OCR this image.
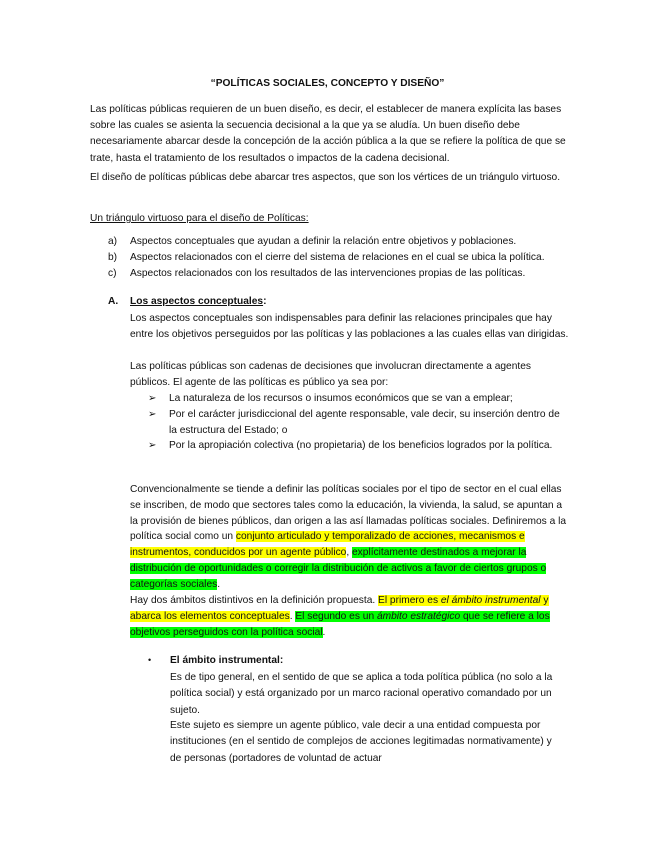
“POLÍTICAS SOCIALES, CONCEPTO Y DISEÑO”

Las políticas públicas requieren de un buen diseño, es decir, el establecer de manera explícita las bases sobre las cuales se asienta la secuencia decisional a la que ya se aludía. Un buen diseño debe necesariamente abarcar desde la concepción de la acción pública a la que se refiere la política de que se trate, hasta el tratamiento de los resultados o impactos de la cadena decisional.

El diseño de políticas públicas debe abarcar tres aspectos, que son los vértices de un triángulo virtuoso.

Un triángulo virtuoso para el diseño de Políticas:

a) Aspectos conceptuales que ayudan a definir la relación entre objetivos y poblaciones.
b) Aspectos relacionados con el cierre del sistema de relaciones en el cual se ubica la política.
c) Aspectos relacionados con los resultados de las intervenciones propias de las políticas.
A. Los aspectos conceptuales:

Los aspectos conceptuales son indispensables para definir las relaciones principales que hay entre los objetivos perseguidos por las políticas y las poblaciones a las cuales ellas van dirigidas.

Las políticas públicas son cadenas de decisiones que involucran directamente a agentes públicos. El agente de las políticas es público ya sea por:

➢ La naturaleza de los recursos o insumos económicos que se van a emplear;
➢ Por el carácter jurisdiccional del agente responsable, vale decir, su inserción dentro de la estructura del Estado; o
➢ Por la apropiación colectiva (no propietaria) de los beneficios logrados por la política.

Convencionalmente se tiende a definir las políticas sociales por el tipo de sector en el cual ellas se inscriben, de modo que sectores tales como la educación, la vivienda, la salud, se apuntan a la provisión de bienes públicos, dan origen a las así llamadas políticas sociales. Definiremos a la política social como un conjunto articulado y temporalizado de acciones, mecanismos e instrumentos, conducidos por un agente público, explícitamente destinados a mejorar la distribución de oportunidades o corregir la distribución de activos a favor de ciertos grupos o categorías sociales.

Hay dos ámbitos distintivos en la definición propuesta. El primero es el ámbito instrumental y abarca los elementos conceptuales. El segundo es un ámbito estratégico que se refiere a los objetivos perseguidos con la política social.

• El ámbito instrumental:

Es de tipo general, en el sentido de que se aplica a toda política pública (no solo a la política social) y está organizado por un marco racional operativo comandado por un sujeto.

Este sujeto es siempre un agente público, vale decir a una entidad compuesta por instituciones (en el sentido de complejos de acciones legitimadas normativamente) y de personas (portadores de voluntad de actuar
